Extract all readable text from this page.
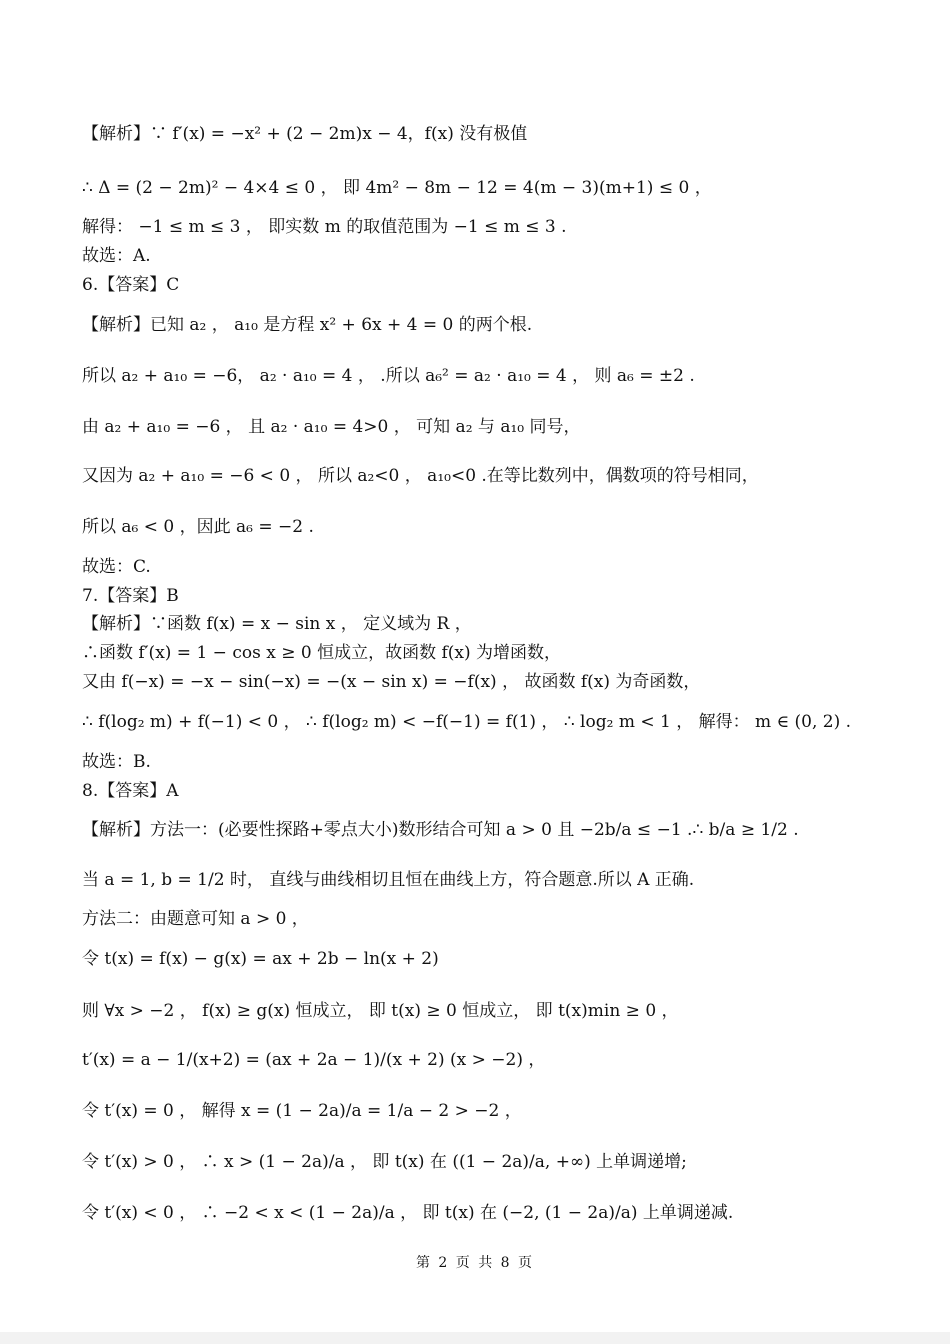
【解析】∵ f′(x) = −x² + (2 − 2m)x − 4，f(x) 没有极值
∴ Δ = (2 − 2m)² − 4×4 ≤ 0 ， 即 4m² − 8m − 12 = 4(m − 3)(m+1) ≤ 0 ，
解得： −1 ≤ m ≤ 3 ， 即实数 m 的取值范围为 −1 ≤ m ≤ 3 .
故选：A.
6.【答案】C
【解析】已知 a₂ ， a₁₀ 是方程 x² + 6x + 4 = 0 的两个根.
所以 a₂ + a₁₀ = −6， a₂ · a₁₀ = 4 ， .所以 a₆² = a₂ · a₁₀ = 4 ， 则 a₆ = ±2 .
由 a₂ + a₁₀ = −6 ， 且 a₂ · a₁₀ = 4>0 ， 可知 a₂ 与 a₁₀ 同号，
又因为 a₂ + a₁₀ = −6 < 0 ， 所以 a₂<0 ， a₁₀<0 .在等比数列中，偶数项的符号相同，
所以 a₆ < 0 ，因此 a₆ = −2 .
故选：C.
7.【答案】B
【解析】∵函数 f(x) = x − sin x ， 定义域为 R ，
∴函数 f′(x) = 1 − cos x ≥ 0 恒成立，故函数 f(x) 为增函数，
又由 f(−x) = −x − sin(−x) = −(x − sin x) = −f(x) ， 故函数 f(x) 为奇函数，
∴ f(log₂ m) + f(−1) < 0 ， ∴ f(log₂ m) < −f(−1) = f(1) ， ∴ log₂ m < 1 ， 解得： m ∈ (0, 2) .
故选：B.
8.【答案】A
【解析】方法一：(必要性探路+零点大小)数形结合可知 a > 0 且 −2b/a ≤ −1 .∴ b/a ≥ 1/2 .
当 a = 1, b = 1/2 时， 直线与曲线相切且恒在曲线上方，符合题意.所以 A 正确.
方法二：由题意可知 a > 0 ，
令 t(x) = f(x) − g(x) = ax + 2b − ln(x + 2)
则 ∀x > −2 ， f(x) ≥ g(x) 恒成立， 即 t(x) ≥ 0 恒成立， 即 t(x)min ≥ 0 ，
t′(x) = a − 1/(x+2) = (ax + 2a − 1)/(x + 2) (x > −2) ，
令 t′(x) = 0 ， 解得 x = (1 − 2a)/a = 1/a − 2 > −2 ，
令 t′(x) > 0 ， ∴ x > (1 − 2a)/a ， 即 t(x) 在 ((1 − 2a)/a, +∞) 上单调递增;
令 t′(x) < 0 ， ∴ −2 < x < (1 − 2a)/a ， 即 t(x) 在 (−2, (1 − 2a)/a) 上单调递减.
第 2 页 共 8 页
